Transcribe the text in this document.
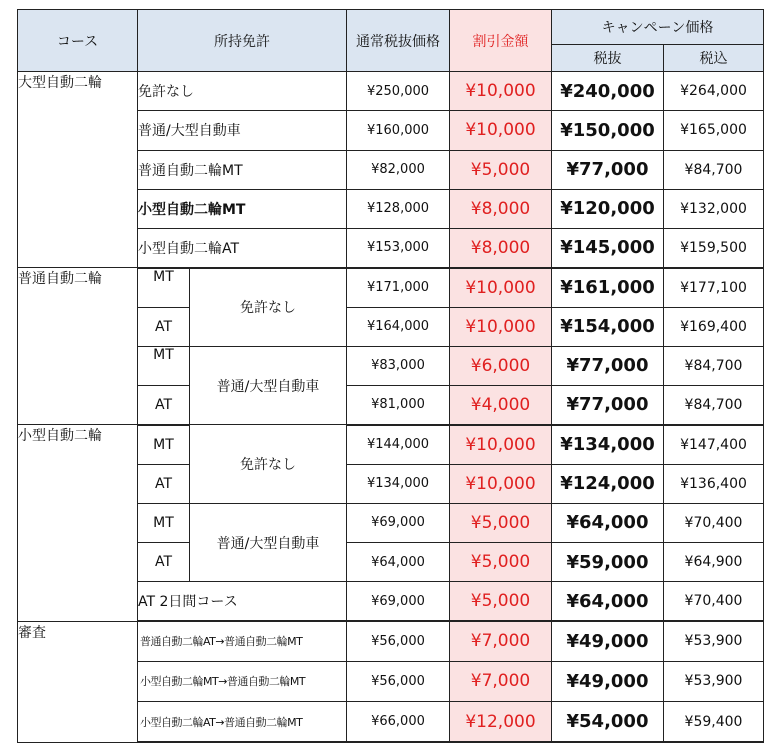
コース	所持免許		通常税抜価格	割引金額	キャンペーン価格	
					税抜	税込
大型自動二輪	免許なし		¥250,000	¥10,000	¥240,000	¥264,000
	普通/大型自動車		¥160,000	¥10,000	¥150,000	¥165,000
	普通自動二輪MT		¥82,000	¥5,000	¥77,000	¥84,700
	小型自動二輪MT		¥128,000	¥8,000	¥120,000	¥132,000
	小型自動二輪AT		¥153,000	¥8,000	¥145,000	¥159,500
普通自動二輪	MT	免許なし	¥171,000	¥10,000	¥161,000	¥177,100
	AT		¥164,000	¥10,000	¥154,000	¥169,400
	MT	普通/大型自動車	¥83,000	¥6,000	¥77,000	¥84,700
	AT		¥81,000	¥4,000	¥77,000	¥84,700
小型自動二輪	MT	免許なし	¥144,000	¥10,000	¥134,000	¥147,400
	AT		¥134,000	¥10,000	¥124,000	¥136,400
	MT	普通/大型自動車	¥69,000	¥5,000	¥64,000	¥70,400
	AT		¥64,000	¥5,000	¥59,000	¥64,900
	AT 2日間コース		¥69,000	¥5,000	¥64,000	¥70,400
審査	普通自動二輪AT→普通自動二輪MT		¥56,000	¥7,000	¥49,000	¥53,900
	小型自動二輪MT→普通自動二輪MT		¥56,000	¥7,000	¥49,000	¥53,900
	小型自動二輪AT→普通自動二輪MT		¥66,000	¥12,000	¥54,000	¥59,400
